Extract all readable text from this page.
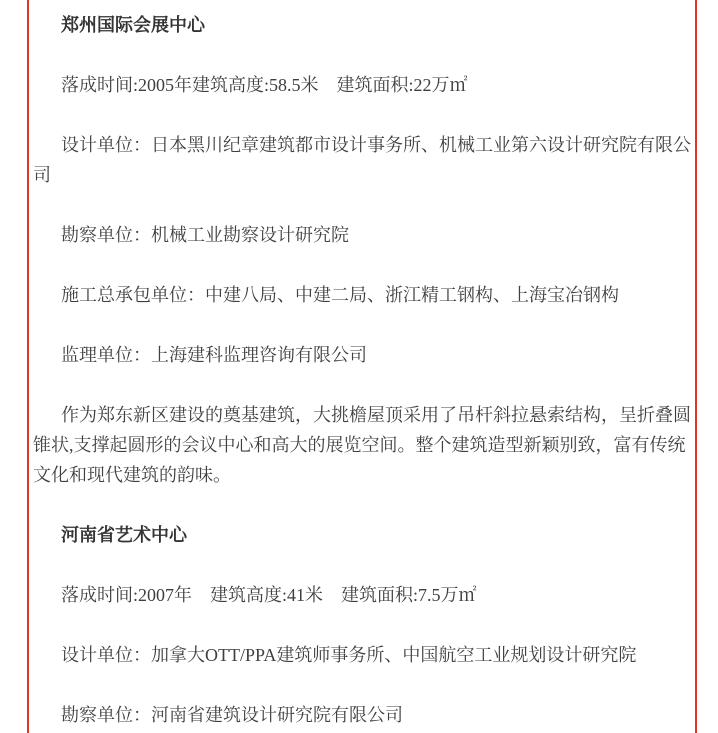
郑州国际会展中心

落成时间:2005年建筑高度:58.5米　建筑面积:22万㎡

设计单位：日本黑川纪章建筑都市设计事务所、机械工业第六设计研究院有限公司

勘察单位：机械工业勘察设计研究院

施工总承包单位：中建八局、中建二局、浙江精工钢构、上海宝冶钢构

监理单位：上海建科监理咨询有限公司

作为郑东新区建设的奠基建筑，大挑檐屋顶采用了吊杆斜拉悬索结构，呈折叠圆锥状,支撑起圆形的会议中心和高大的展览空间。整个建筑造型新颖别致，富有传统文化和现代建筑的韵味。

河南省艺术中心

落成时间:2007年　建筑高度:41米　建筑面积:7.5万㎡

设计单位：加拿大OTT/PPA建筑师事务所、中国航空工业规划设计研究院

勘察单位：河南省建筑设计研究院有限公司
